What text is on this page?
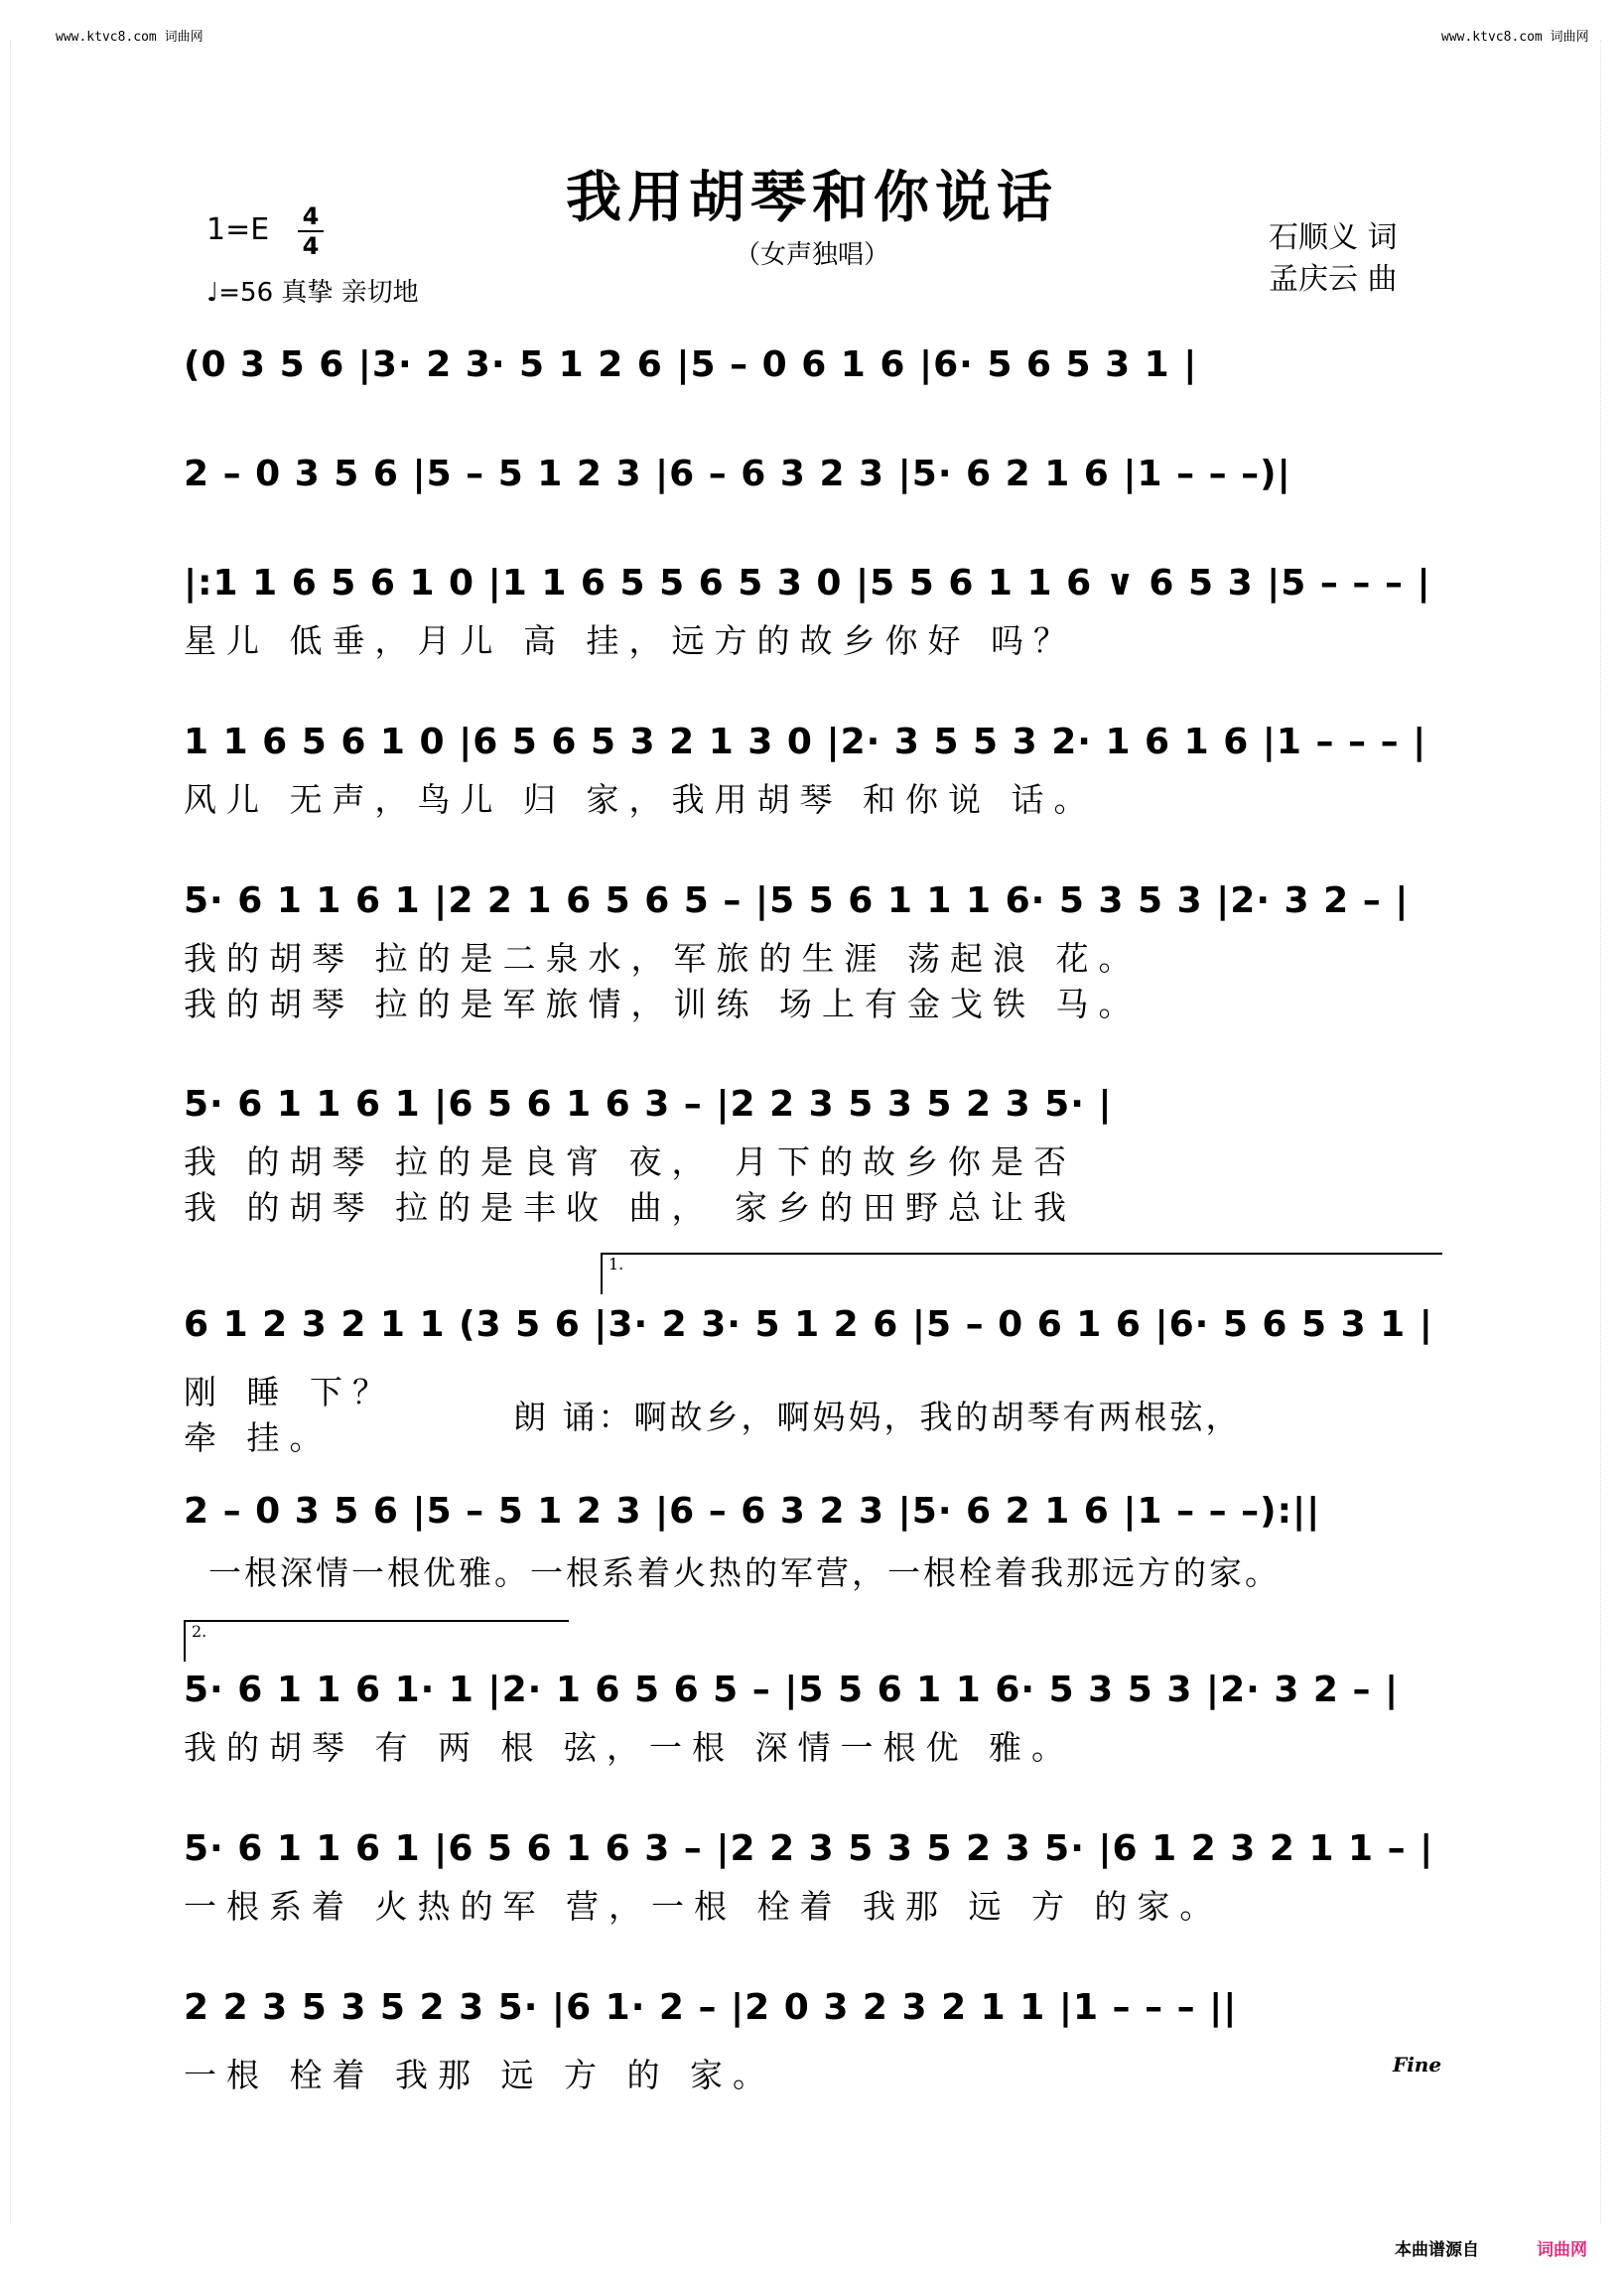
www.ktvc8.com 词曲网	www.ktvc8.com 词曲网
我用胡琴和你说话
（女声独唱）
1=E 4
4
♩=56 真挚 亲切地
石顺义 词
孟庆云 曲
(0 3 5 6 |3· 2 3· 5 1 2 6 |5 – 0 6 1 6 |6· 5 6 5 3 1 |
2 – 0 3 5 6 |5 – 5 1 2 3 |6 – 6 3 2 3 |5· 6 2 1 6 |1 – – –)|
|:1 1 6 5 6 1 0 |1 1 6 5 5 6 5 3 0 |5 5 6 1 1 6 ∨ 6 5 3 |5 – – – |
星儿 低垂，月儿 高 挂，远方的故乡你好 吗？
1 1 6 5 6 1 0 |6 5 6 5 3 2 1 3 0 |2· 3 5 5 3 2· 1 6 1 6 |1 – – – |
风儿 无声，鸟儿 归 家，我用胡琴 和你说 话。
5· 6 1 1 6 1 |2 2 1 6 5 6 5 – |5 5 6 1 1 1 6· 5 3 5 3 |2· 3 2 – |
我的胡琴 拉的是二泉水，军旅的生涯 荡起浪 花。
我的胡琴 拉的是军旅情，训练 场上有金戈铁 马。
5· 6 1 1 6 1 |6 5 6 1 6 3 – |2 2 3 5 3 5 2 3 5· |
我 的胡琴 拉的是良宵 夜， 月下的故乡你是否
我 的胡琴 拉的是丰收 曲， 家乡的田野总让我
1.
6 1 2 3 2 1 1 (3 5 6 |3· 2 3· 5 1 2 6 |5 – 0 6 1 6 |6· 5 6 5 3 1 |
刚 睡 下？
牵 挂。
朗 诵：啊故乡，啊妈妈，我的胡琴有两根弦，
2 – 0 3 5 6 |5 – 5 1 2 3 |6 – 6 3 2 3 |5· 6 2 1 6 |1 – – –):||
一根深情一根优雅。一根系着火热的军营，一根栓着我那远方的家。
2.
5· 6 1 1 6 1· 1 |2· 1 6 5 6 5 – |5 5 6 1 1 6· 5 3 5 3 |2· 3 2 – |
我的胡琴 有 两 根 弦，一根 深情一根优 雅。
5· 6 1 1 6 1 |6 5 6 1 6 3 – |2 2 3 5 3 5 2 3 5· |6 1 2 3 2 1 1 – |
一根系着 火热的军 营，一根 栓着 我那 远 方 的家。
2 2 3 5 3 5 2 3 5· |6 1· 2 – |2 0 3 2 3 2 1 1 |1 – – – ||
一根 栓着 我那 远 方 的 家。	Fine
本曲谱源自	词曲网
